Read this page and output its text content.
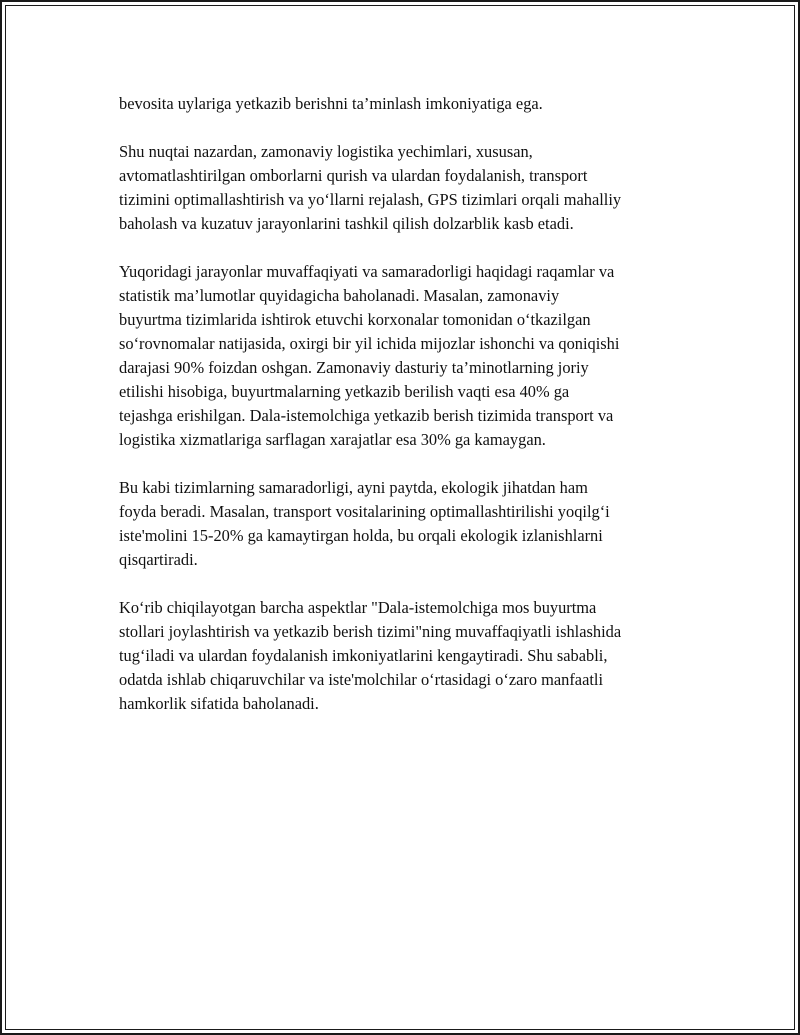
bevosita uylariga yetkazib berishni ta’minlash imkoniyatiga ega.

Shu nuqtai nazardan, zamonaviy logistika yechimlari, xususan,
avtomatlashtirilgan omborlarni qurish va ulardan foydalanish, transport
tizimini optimallashtirish va yo‘llarni rejalash, GPS tizimlari orqali mahalliy
baholash va kuzatuv jarayonlarini tashkil qilish dolzarblik kasb etadi.

Yuqoridagi jarayonlar muvaffaqiyati va samaradorligi haqidagi raqamlar va
statistik ma’lumotlar quyidagicha baholanadi. Masalan, zamonaviy
buyurtma tizimlarida ishtirok etuvchi korxonalar tomonidan o‘tkazilgan
so‘rovnomalar natijasida, oxirgi bir yil ichida mijozlar ishonchi va qoniqishi
darajasi 90% foizdan oshgan. Zamonaviy dasturiy ta’minotlarning joriy
etilishi hisobiga, buyurtmalarning yetkazib berilish vaqti esa 40% ga
tejashga erishilgan. Dala-istemolchiga yetkazib berish tizimida transport va
logistika xizmatlariga sarflagan xarajatlar esa 30% ga kamaygan.

Bu kabi tizimlarning samaradorligi, ayni paytda, ekologik jihatdan ham
foyda beradi. Masalan, transport vositalarining optimallashtirilishi yoqilg‘i
iste'molini 15-20% ga kamaytirgan holda, bu orqali ekologik izlanishlarni
qisqartiradi.

Ko‘rib chiqilayotgan barcha aspektlar "Dala-istemolchiga mos buyurtma
stollari joylashtirish va yetkazib berish tizimi"ning muvaffaqiyatli ishlashida
tug‘iladi va ulardan foydalanish imkoniyatlarini kengaytiradi. Shu sababli,
odatda ishlab chiqaruvchilar va iste'molchilar o‘rtasidagi o‘zaro manfaatli
hamkorlik sifatida baholanadi.
